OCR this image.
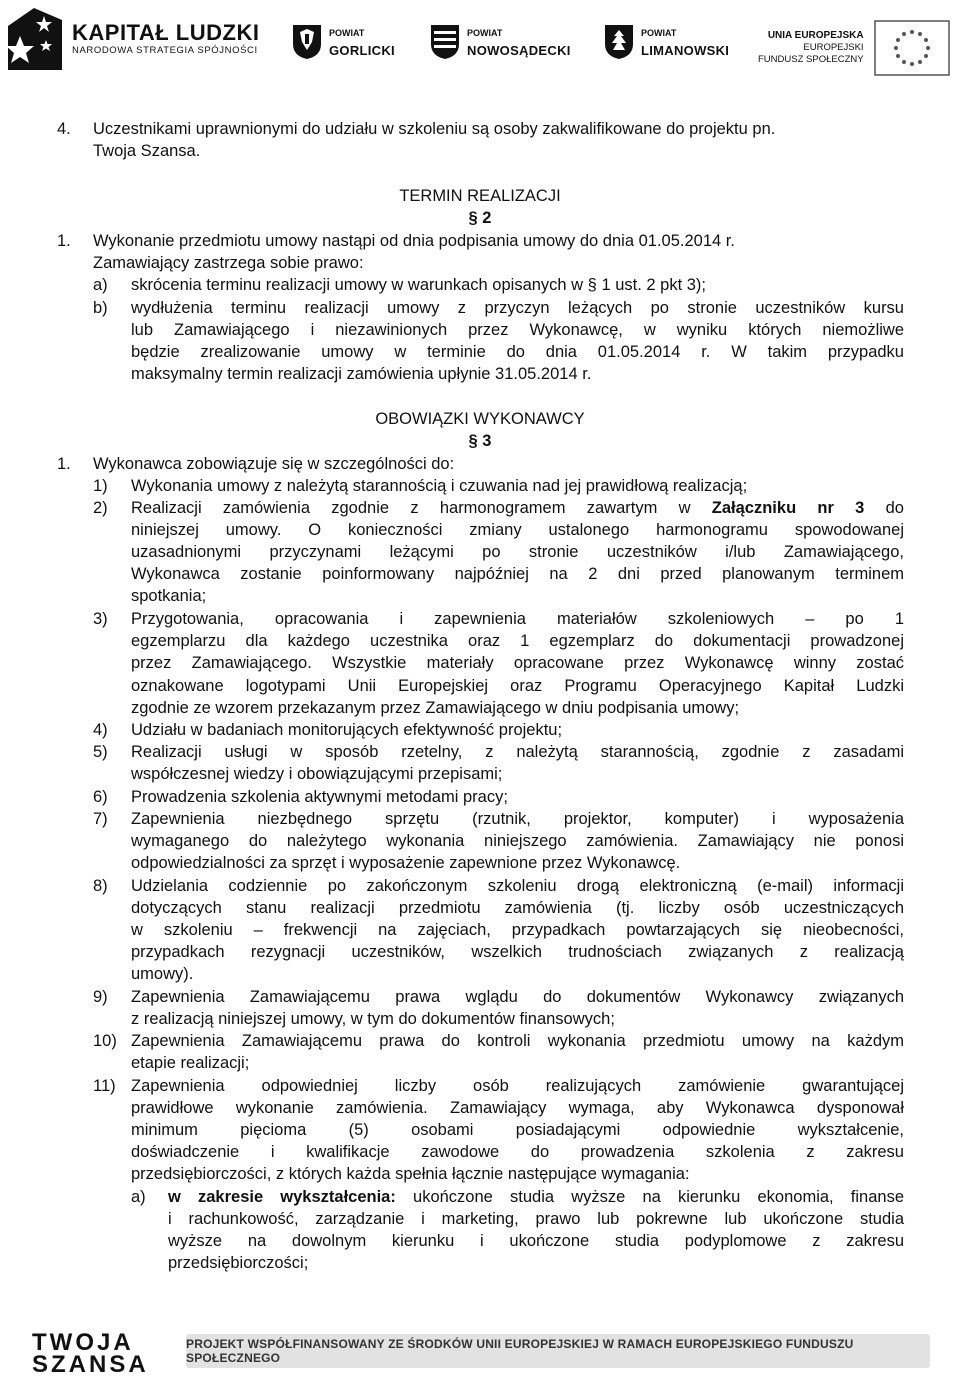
KAPITAŁ LUDZKI
NARODOWA STRATEGIA SPÓJNOŚCI
POWIAT
GORLICKI
POWIAT
NOWOSĄDECKI
POWIAT
LIMANOWSKI
UNIA EUROPEJSKA
EUROPEJSKI
FUNDUSZ SPOŁECZNY
4. Uczestnikami uprawnionymi do udziału w szkoleniu są osoby zakwalifikowane do projektu pn.
Twoja Szansa.
TERMIN REALIZACJI
§ 2
1. Wykonanie przedmiotu umowy nastąpi od dnia podpisania umowy do dnia 01.05.2014 r.
Zamawiający zastrzega sobie prawo:
a) skrócenia terminu realizacji umowy w warunkach opisanych w § 1 ust. 2 pkt 3);
b) wydłużenia terminu realizacji umowy z przyczyn leżących po stronie uczestników kursu
lub Zamawiającego i niezawinionych przez Wykonawcę, w wyniku których niemożliwe
będzie zrealizowanie umowy w terminie do dnia 01.05.2014 r. W takim przypadku
maksymalny termin realizacji zamówienia upłynie 31.05.2014 r.
OBOWIĄZKI WYKONAWCY
§ 3
1. Wykonawca zobowiązuje się w szczególności do:
1) Wykonania umowy z należytą starannością i czuwania nad jej prawidłową realizacją;
2) Realizacji zamówienia zgodnie z harmonogramem zawartym w Załączniku nr 3 do
niniejszej umowy. O konieczności zmiany ustalonego harmonogramu spowodowanej
uzasadnionymi przyczynami leżącymi po stronie uczestników i/lub Zamawiającego,
Wykonawca zostanie poinformowany najpóźniej na 2 dni przed planowanym terminem
spotkania;
3) Przygotowania, opracowania i zapewnienia materiałów szkoleniowych – po 1
egzemplarzu dla każdego uczestnika oraz 1 egzemplarz do dokumentacji prowadzonej
przez Zamawiającego. Wszystkie materiały opracowane przez Wykonawcę winny zostać
oznakowane logotypami Unii Europejskiej oraz Programu Operacyjnego Kapitał Ludzki
zgodnie ze wzorem przekazanym przez Zamawiającego w dniu podpisania umowy;
4) Udziału w badaniach monitorujących efektywność projektu;
5) Realizacji usługi w sposób rzetelny, z należytą starannością, zgodnie z zasadami
współczesnej wiedzy i obowiązującymi przepisami;
6) Prowadzenia szkolenia aktywnymi metodami pracy;
7) Zapewnienia niezbędnego sprzętu (rzutnik, projektor, komputer) i wyposażenia
wymaganego do należytego wykonania niniejszego zamówienia. Zamawiający nie ponosi
odpowiedzialności za sprzęt i wyposażenie zapewnione przez Wykonawcę.
8) Udzielania codziennie po zakończonym szkoleniu drogą elektroniczną (e-mail) informacji
dotyczących stanu realizacji przedmiotu zamówienia (tj. liczby osób uczestniczących
w szkoleniu – frekwencji na zajęciach, przypadkach powtarzających się nieobecności,
przypadkach rezygnacji uczestników, wszelkich trudnościach związanych z realizacją
umowy).
9) Zapewnienia Zamawiającemu prawa wglądu do dokumentów Wykonawcy związanych
z realizacją niniejszej umowy, w tym do dokumentów finansowych;
10) Zapewnienia Zamawiającemu prawa do kontroli wykonania przedmiotu umowy na każdym
etapie realizacji;
11) Zapewnienia odpowiedniej liczby osób realizujących zamówienie gwarantującej
prawidłowe wykonanie zamówienia. Zamawiający wymaga, aby Wykonawca dysponował
minimum pięcioma (5) osobami posiadającymi odpowiednie wykształcenie,
doświadczenie i kwalifikacje zawodowe do prowadzenia szkolenia z zakresu
przedsiębiorczości, z których każda spełnia łącznie następujące wymagania:
a) w zakresie wykształcenia: ukończone studia wyższe na kierunku ekonomia, finanse
i rachunkowość, zarządzanie i marketing, prawo lub pokrewne lub ukończone studia
wyższe na dowolnym kierunku i ukończone studia podyplomowe z zakresu
przedsiębiorczości;
TWOJA
SZANSA
PROJEKT WSPÓŁFINANSOWANY ZE ŚRODKÓW UNII EUROPEJSKIEJ W RAMACH EUROPEJSKIEGO FUNDUSZU SPOŁECZNEGO
